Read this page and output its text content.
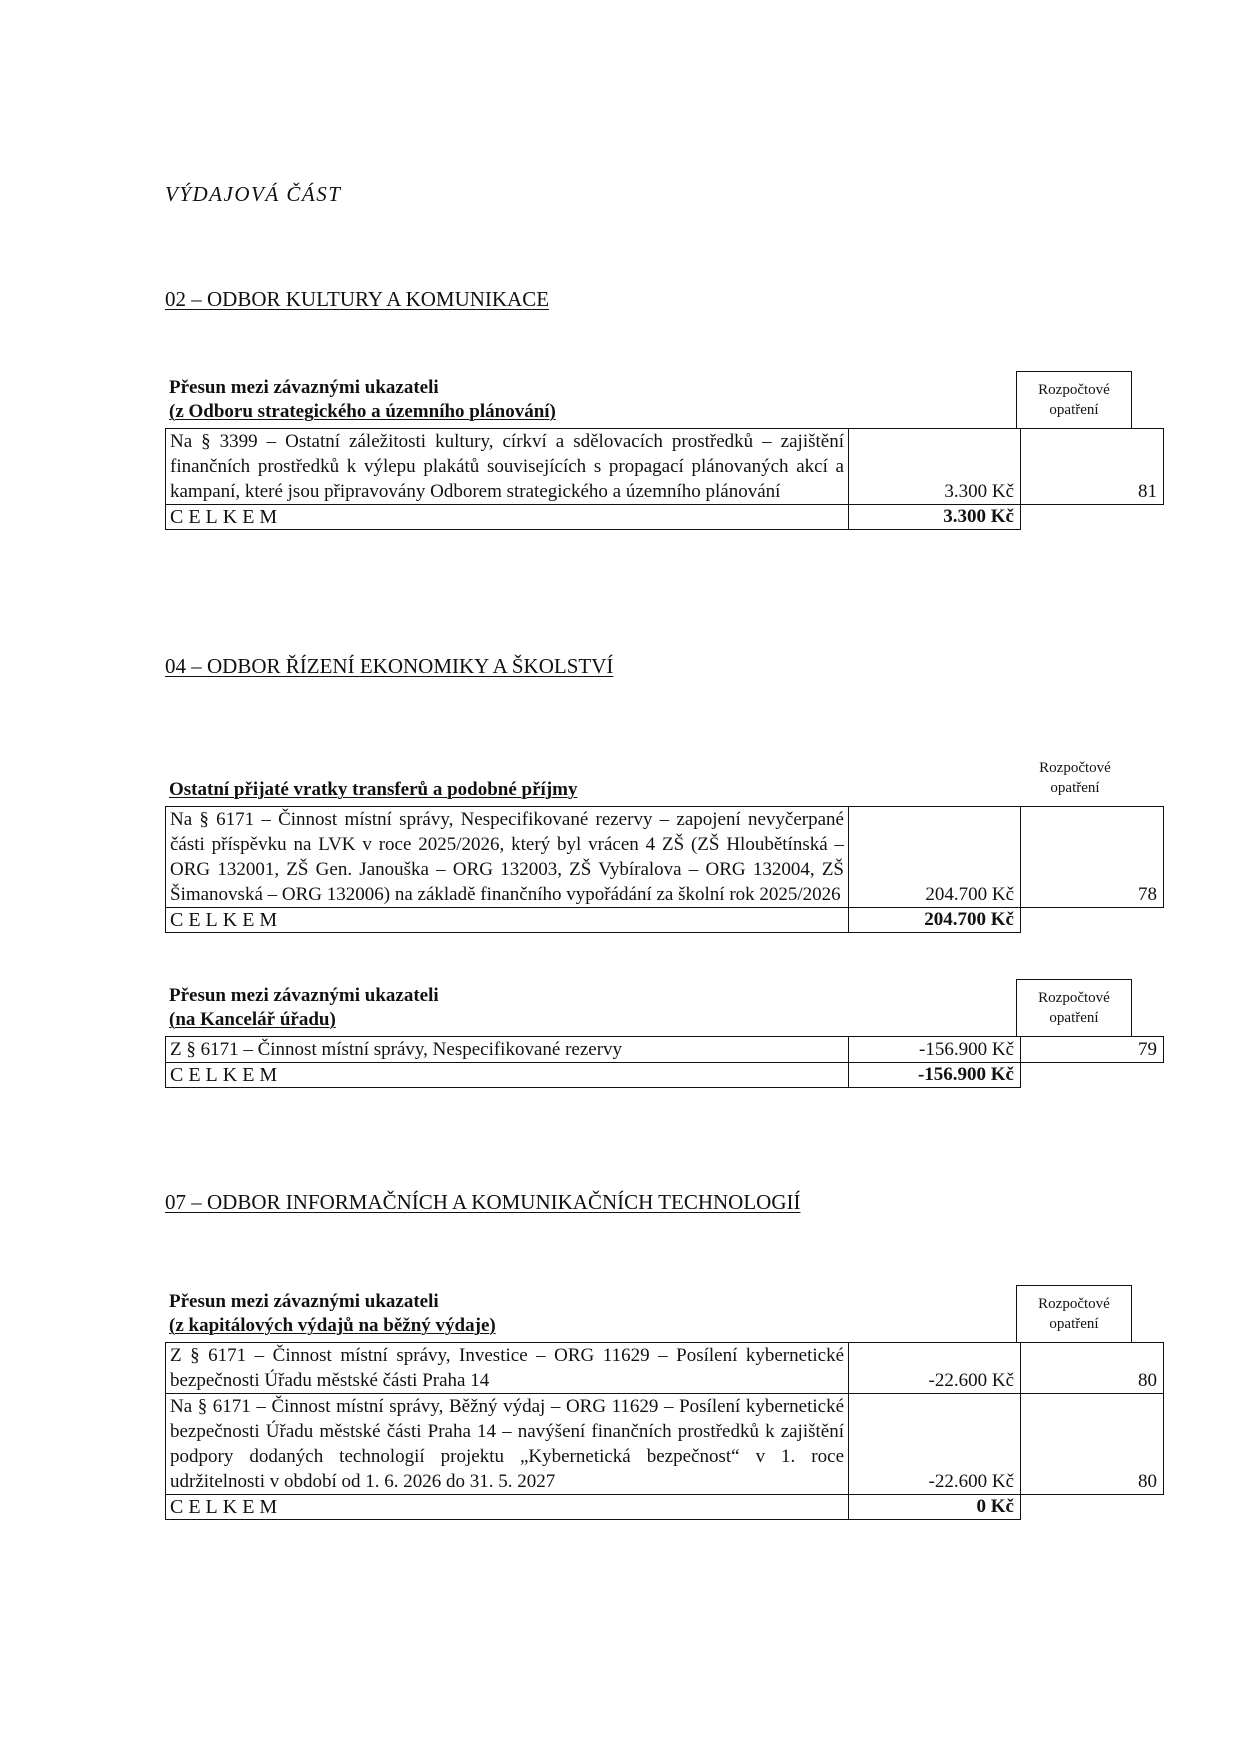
VÝDAJOVÁ ČÁST
02 – ODBOR KULTURY A KOMUNIKACE
Přesun mezi závaznými ukazateli
(z Odboru strategického a územního plánování)
Rozpočtové
opatření
Na § 3399 – Ostatní záležitosti kultury, církví a sdělovacích prostředků – zajištění finančních prostředků k výlepu plakátů souvisejících s propagací plánovaných akcí a kampaní, které jsou připravovány Odborem strategického a územního plánování	3.300 Kč	81
CELKEM	3.300 Kč	
04 – ODBOR ŘÍZENÍ EKONOMIKY A ŠKOLSTVÍ
Ostatní přijaté vratky transferů a podobné příjmy
Rozpočtové
opatření
Na § 6171 – Činnost místní správy, Nespecifikované rezervy – zapojení nevyčerpané části příspěvku na LVK v roce 2025/2026, který byl vrácen 4 ZŠ (ZŠ Hloubětínská – ORG 132001, ZŠ Gen. Janouška – ORG 132003, ZŠ Vybíralova – ORG 132004, ZŠ Šimanovská – ORG 132006) na základě finančního vypořádání za školní rok 2025/2026	204.700 Kč	78
CELKEM	204.700 Kč	
Přesun mezi závaznými ukazateli
(na Kancelář úřadu)
Rozpočtové
opatření
Z § 6171 – Činnost místní správy, Nespecifikované rezervy	-156.900 Kč	79
CELKEM	-156.900 Kč	
07 – ODBOR INFORMAČNÍCH A KOMUNIKAČNÍCH TECHNOLOGIÍ
Přesun mezi závaznými ukazateli
(z kapitálových výdajů na běžný výdaje)
Rozpočtové
opatření
Z § 6171 – Činnost místní správy, Investice – ORG 11629 – Posílení kybernetické bezpečnosti Úřadu městské části Praha 14	-22.600 Kč	80
Na § 6171 – Činnost místní správy, Běžný výdaj – ORG 11629 – Posílení kybernetické bezpečnosti Úřadu městské části Praha 14 – navýšení finančních prostředků k zajištění podpory dodaných technologií projektu „Kybernetická bezpečnost“ v 1. roce udržitelnosti v období od 1. 6. 2026 do 31. 5. 2027	-22.600 Kč	80
CELKEM	0 Kč	
